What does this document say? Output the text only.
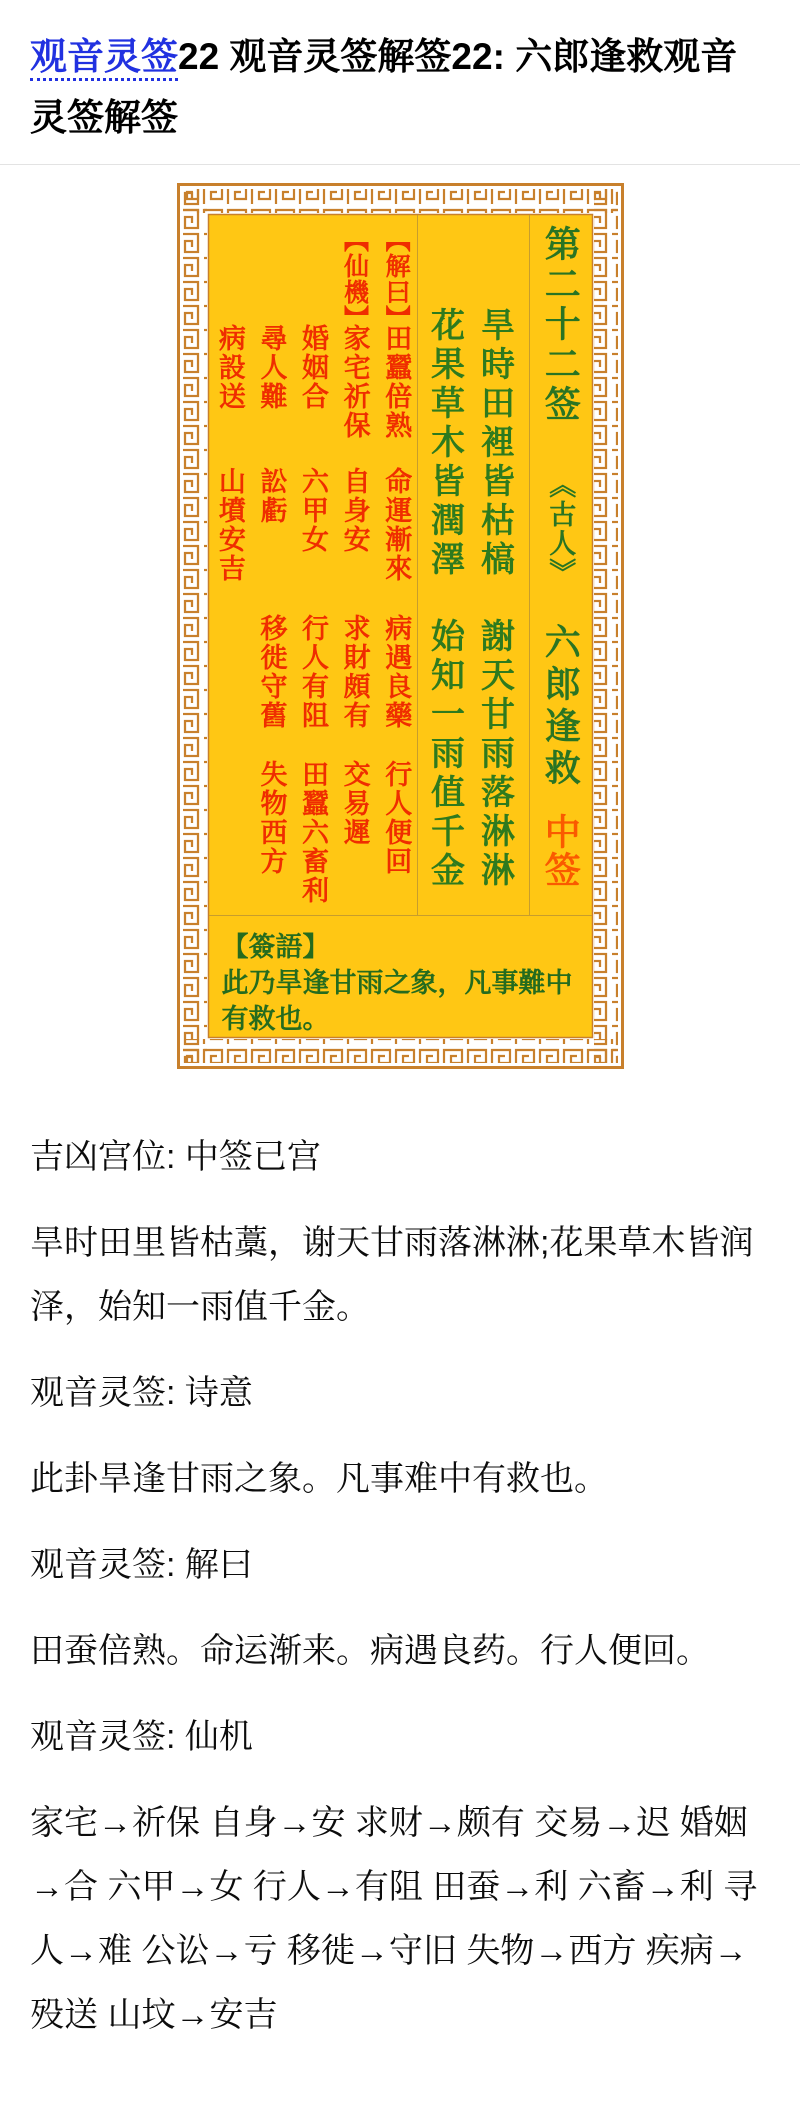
观音灵签22 观音灵签解签22: 六郎逢救观音灵签解签
【解曰】
【仙機】
田蠶倍熟
家宅祈保
婚姻合
尋人難
病設送
命運漸來
自身安
六甲女
訟虧
山墳安吉
病遇良藥
求財頗有
行人有阻
移徙守舊
行人便回
交易遲
田蠶六畜利
失物西方
旱時田裡皆枯槁謝天甘雨落淋淋
花果草木皆潤澤始知一雨值千金
第二十二签《古人》六郎逢救中签
【簽語】
此乃旱逢甘雨之象，凡事難中有救也。

吉凶宫位: 中签已宫

旱时田里皆枯藁，谢天甘雨落淋淋;花果草木皆润泽，始知一雨值千金。

观音灵签: 诗意

此卦旱逢甘雨之象。凡事难中有救也。

观音灵签: 解曰

田蚕倍熟。命运渐来。病遇良药。行人便回。

观音灵签: 仙机

家宅→祈保 自身→安 求财→颇有 交易→迟 婚姻→合 六甲→女 行人→有阻 田蚕→利 六畜→利 寻人→难 公讼→亏 移徙→守旧 失物→西方 疾病→殁送 山坟→安吉
